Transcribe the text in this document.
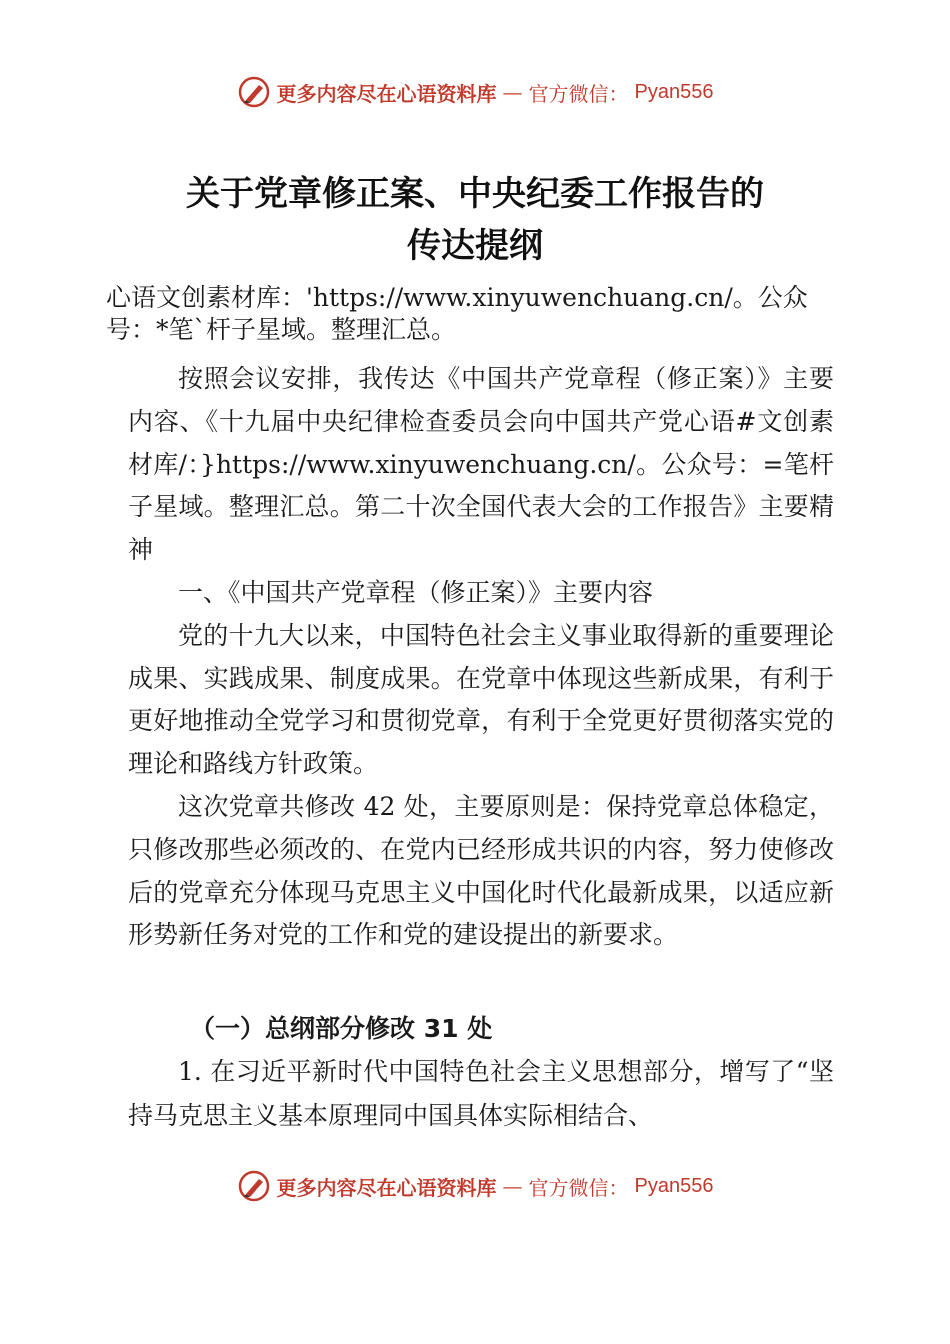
更多内容尽在心语资料库 — 官方微信： Pyan556
关于党章修正案、中央纪委工作报告的
传达提纲

心语文创素材库：'https://www.xinyuwenchuang.cn/。公众号：*笔`杆子星域。整理汇总。

按照会议安排，我传达《中国共产党章程（修正案）》主要内容、《十九届中央纪律检查委员会向中国共产党心语#文创素材库/：}https://www.xinyuwenchuang.cn/。公众号：=笔杆子星域。整理汇总。第二十次全国代表大会的工作报告》主要精神

一、《中国共产党章程（修正案）》主要内容

党的十九大以来，中国特色社会主义事业取得新的重要理论成果、实践成果、制度成果。在党章中体现这些新成果，有利于更好地推动全党学习和贯彻党章，有利于全党更好贯彻落实党的理论和路线方针政策。

这次党章共修改 42 处，主要原则是：保持党章总体稳定，只修改那些必须改的、在党内已经形成共识的内容，努力使修改后的党章充分体现马克思主义中国化时代化最新成果，以适应新形势新任务对党的工作和党的建设提出的新要求。

（一）总纲部分修改 31 处

1. 在习近平新时代中国特色社会主义思想部分，增写了“坚持马克思主义基本原理同中国具体实际相结合、

更多内容尽在心语资料库 — 官方微信： Pyan556
